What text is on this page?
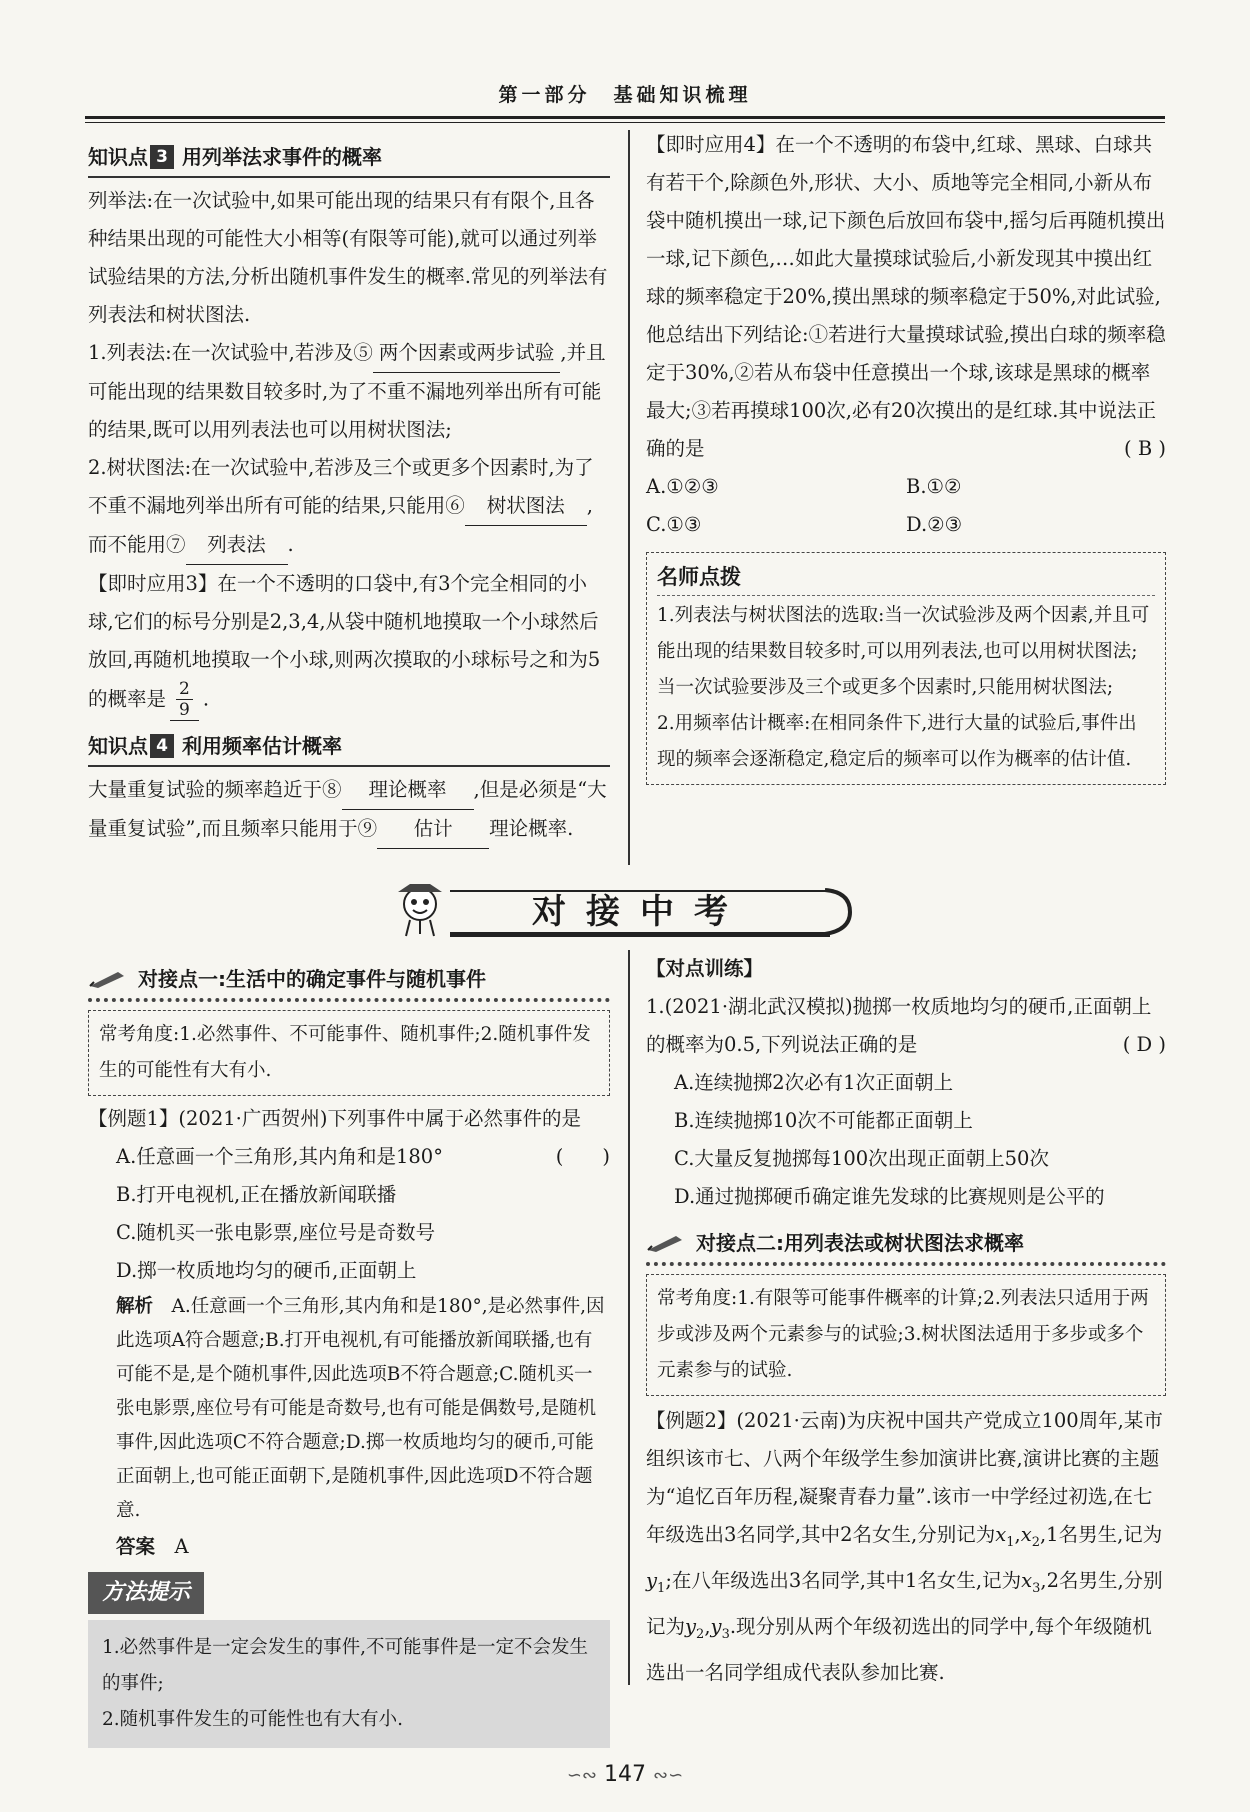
第一部分　基础知识梳理
知识点 3 用列举法求事件的概率

列举法:在一次试验中,如果可能出现的结果只有有限个,且各种结果出现的可能性大小相等(有限等可能),就可以通过列举试验结果的方法,分析出随机事件发生的概率.常见的列举法有列表法和树状图法.

1.列表法:在一次试验中,若涉及⑤ 两个因素或两步试验 ,并且可能出现的结果数目较多时,为了不重不漏地列举出所有可能的结果,既可以用列表法也可以用树状图法;

2.树状图法:在一次试验中,若涉及三个或更多个因素时,为了不重不漏地列举出所有可能的结果,只能用⑥ 树状图法 ,而不能用⑦ 列表法 .

【即时应用3】在一个不透明的口袋中,有3个完全相同的小球,它们的标号分别是2,3,4,从袋中随机地摸取一个小球然后放回,再随机地摸取一个小球,则两次摸取的小球标号之和为5的概率是 $\frac{2}{9}$ .

知识点 4 利用频率估计概率

大量重复试验的频率趋近于⑧ 理论概率 ,但是必须是“大量重复试验”,而且频率只能用于⑨ 估计 理论概率.

【即时应用4】在一个不透明的布袋中,红球、黑球、白球共有若干个,除颜色外,形状、大小、质地等完全相同,小新从布袋中随机摸出一球,记下颜色后放回布袋中,摇匀后再随机摸出一球,记下颜色,…如此大量摸球试验后,小新发现其中摸出红球的频率稳定于20%,摸出黑球的频率稳定于50%,对此试验,他总结出下列结论:①若进行大量摸球试验,摸出白球的频率稳定于30%,②若从布袋中任意摸出一个球,该球是黑球的概率最大;③若再摸球100次,必有20次摸出的是红球.其中说法正确的是	( B )

A.①②③	B.①②
C.①③	D.②③
名师点拨

1.列表法与树状图法的选取:当一次试验涉及两个因素,并且可能出现的结果数目较多时,可以用列表法,也可以用树状图法;当一次试验要涉及三个或更多个因素时,只能用树状图法;

2.用频率估计概率:在相同条件下,进行大量的试验后,事件出现的频率会逐渐稳定,稳定后的频率可以作为概率的估计值.

对接中考
对接点一:生活中的确定事件与随机事件
常考角度:1.必然事件、不可能事件、随机事件;2.随机事件发生的可能性有大有小.

【例题1】(2021·广西贺州)下列事件中属于必然事件的是
(　　)

A.任意画一个三角形,其内角和是180°

B.打开电视机,正在播放新闻联播

C.随机买一张电影票,座位号是奇数号

D.掷一枚质地均匀的硬币,正面朝上

解析　 A.任意画一个三角形,其内角和是180°,是必然事件,因此选项A符合题意;B.打开电视机,有可能播放新闻联播,也有可能不是,是个随机事件,因此选项B不符合题意;C.随机买一张电影票,座位号有可能是奇数号,也有可能是偶数号,是随机事件,因此选项C不符合题意;D.掷一枚质地均匀的硬币,可能正面朝上,也可能正面朝下,是随机事件,因此选项D不符合题意.

答案　 A

方法提示

1.必然事件是一定会发生的事件,不可能事件是一定不会发生的事件;

2.随机事件发生的可能性也有大有小.

【对点训练】

1.(2021·湖北武汉模拟)抛掷一枚质地均匀的硬币,正面朝上的概率为0.5,下列说法正确的是	( D )

A.连续抛掷2次必有1次正面朝上

B.连续抛掷10次不可能都正面朝上

C.大量反复抛掷每100次出现正面朝上50次

D.通过抛掷硬币确定谁先发球的比赛规则是公平的

对接点二:用列表法或树状图法求概率
常考角度:1.有限等可能事件概率的计算;2.列表法只适用于两步或涉及两个元素参与的试验;3.树状图法适用于多步或多个元素参与的试验.

【例题2】(2021·云南)为庆祝中国共产党成立100周年,某市组织该市七、八两个年级学生参加演讲比赛,演讲比赛的主题为“追忆百年历程,凝聚青春力量”.该市一中学经过初选,在七年级选出3名同学,其中2名女生,分别记为$x_1,x_2,1$名男生,记为$y_1$;在八年级选出3名同学,其中1名女生,记为$x_3,2$名男生,分别记为$y_2,y_3$.现分别从两个年级初选出的同学中,每个年级随机选出一名同学组成代表队参加比赛.

∽∾ 147 ∾∽
